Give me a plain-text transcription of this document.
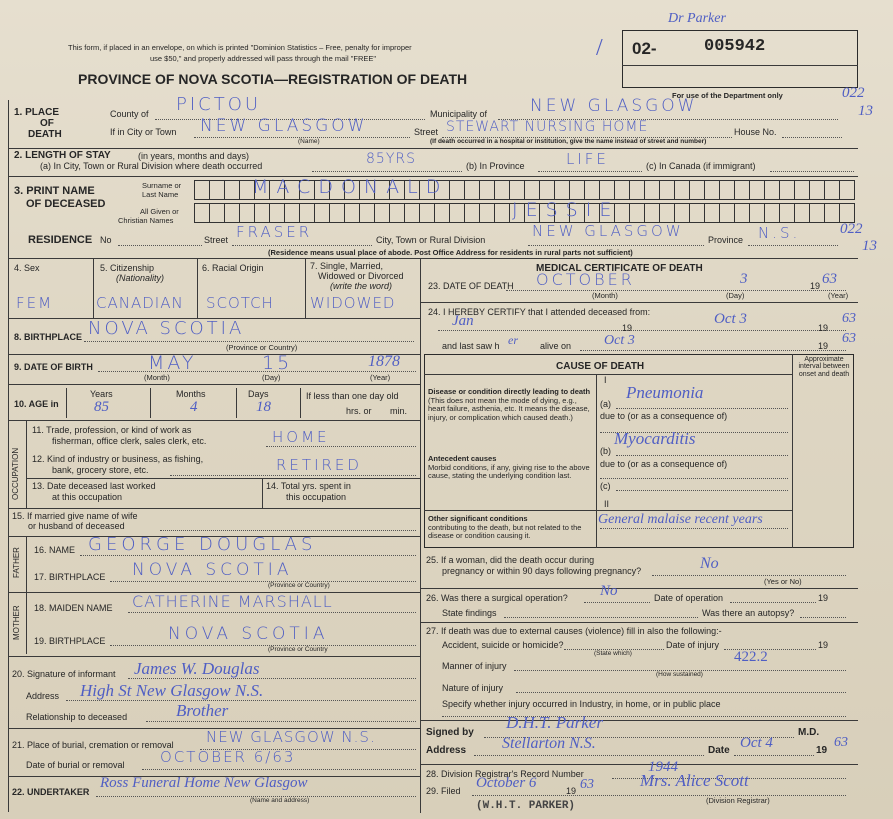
This form, if placed in an envelope, on which is printed "Dominion Statistics – Free, penalty for improper
use $50," and properly addressed will pass through the mail "FREE"
PROVINCE OF NOVA SCOTIA—REGISTRATION OF DEATH
Dr Parker
/ 02-	005942
For use of the Department only	022
13
1. PLACE
OF
DEATH
County of PICTOU	Municipality of	NEW GLASGOW
If in City or Town NEW GLASGOW	Street STEWART NURSING HOME	House No.
(Name)	(If death occurred in a hospital or institution, give the name instead of street and number)
2. LENGTH OF STAY	(in years, months and days)
(a) In City, Town or Rural Division where death occurred	85YRS	(b) In Province	LIFE	(c) In Canada (if immigrant)
3. PRINT NAME
OF DECEASED
Surname or
Last Name
All Given or
Christian Names
MACDONALD
JESSIE
RESIDENCE No	Street FRASER	City, Town or Rural Division	NEW GLASGOW	Province N.S.	022
13
(Residence means usual place of abode. Post Office Address for residents in rural parts not sufficient)
4. Sex	5. Citizenship
(Nationality)
6. Racial Origin	7. Single, Married,
Widowed or Divorced
(write the word)
FEM	CANADIAN SCOTCH WIDOWED
8. BIRTHPLACE NOVA SCOTIA
(Province or Country)
9. DATE OF BIRTH	MAY	15	1878
(Month)	(Day)	(Year)
10. AGE in
Years	Months	Days
85	4	18
If less than one day old
hrs. or min.
OCCUPATION
11. Trade, profession, or kind of work as
fisherman, office clerk, sales clerk, etc.	HOME
12. Kind of industry or business, as fishing,
bank, grocery store, etc.	RETIRED
13. Date deceased last worked
at this occupation
14. Total yrs. spent in
this occupation
15. If married give name of wife
or husband of deceased
FATHER 16. NAME GEORGE DOUGLAS
17. BIRTHPLACE NOVA SCOTIA
(Province or Country)
MOTHER 18. MAIDEN NAME CATHERINE MARSHALL
19. BIRTHPLACE	NOVA SCOTIA
(Province or Country
20. Signature of informant James W. Douglas
Address High St New Glasgow N.S.
Relationship to deceased	Brother
21. Place of burial, cremation or removal NEW GLASGOW N.S.
Date of burial or removal OCTOBER 6/63
22. UNDERTAKER
Ross Funeral Home New Glasgow
(Name and address)
MEDICAL CERTIFICATE OF DEATH
23. DATE OF DEATH OCTOBER	3	19 63
(Month)	(Day)	(Year)
24. I HEREBY CERTIFY that I attended deceased from:
Jan	19
Oct 3
19
63
and last saw h er alive on Oct 3	19 63
CAUSE OF DEATH
Approximate interval between onset and death
I
Disease or condition directly leading to death
(This does not mean the mode of dying, e.g., heart failure, asthenia, etc. It means the disease, injury, or complication which caused death.)
Antecedent causes
Morbid conditions, if any, giving rise to the above cause, stating the underlying condition last.
II
Other significant conditions
contributing to the death, but not related to the disease or condition causing it.
(a)
Pneumonia
due to (or as a consequence of)
(b)
Myocarditis
due to (or as a consequence of)
(c)
General malaise recent years
25. If a woman, did the death occur during
pregnancy or within 90 days following pregnancy?	No
(Yes or No)
26. Was there a surgical operation? No	Date of operation	19
State findings	Was there an autopsy?
27. If death was due to external causes (violence) fill in also the following:-
Accident, suicide or homicide?
(State which)
Date of injury	19
Manner of injury
422.2
(How sustained)
Nature of injury
Specify whether injury occurred in Industry, in home, or in public place
Signed by
D.H.T. Parker
M.D.
Address Stellarton N.S.	Date Oct 4	19
63
28. Division Registrar's Record Number	1944
29. Filed October 6	19 63	Mrs. Alice Scott
(Division Registrar)
(W.H.T. PARKER)
